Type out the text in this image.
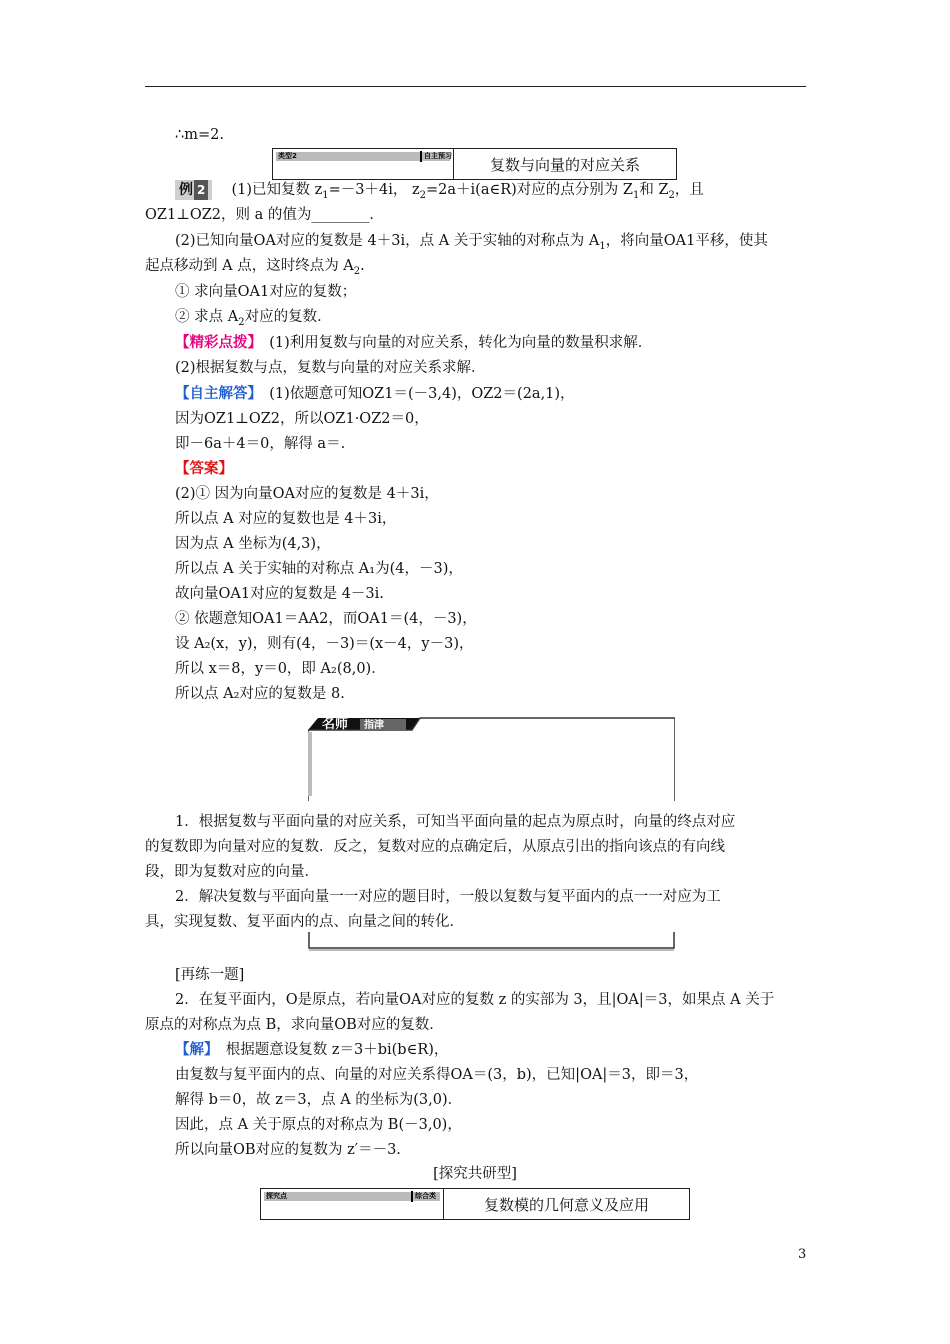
∴m=2.
类型2	自主预习	复数与向量的对应关系
例 2 　 (1)已知复数 $z_1=-3+4i$， $z_2=2a+i(a\in R)$对应的点分别为 $Z_1$和 $Z_2$，且
OZ1⊥OZ2，则 a 的值为________．
(2)已知向量OA对应的复数是 4＋3i，点 A 关于实轴的对称点为 $A_1$，将向量OA1平移，使其
起点移动到 A 点，这时终点为 $A_2$.
① 求向量OA1对应的复数；
② 求点 $A_2$对应的复数．
【精彩点拨】　(1)利用复数与向量的对应关系，转化为向量的数量积求解．
(2)根据复数与点，复数与向量的对应关系求解．
【自主解答】　(1)依题意可知OZ1＝(－3,4)，OZ2＝(2a,1)，
因为OZ1⊥OZ2，所以OZ1·OZ2＝0，
即－6a＋4＝0，解得 a＝.
【答案】
(2)① 因为向量OA对应的复数是 4＋3i，
所以点 A 对应的复数也是 4＋3i，
因为点 A 坐标为(4,3)，
所以点 A 关于实轴的对称点 A₁为(4，－3)，
故向量OA1对应的复数是 4－3i.
② 依题意知OA1＝AA2，而OA1＝(4，－3)，
设 A₂(x，y)，则有(4，－3)＝(x－4，y－3)，
所以 x＝8，y＝0，即 A₂(8,0)．
所以点 A₂对应的复数是 8.
名师 指津
1．根据复数与平面向量的对应关系，可知当平面向量的起点为原点时，向量的终点对应
的复数即为向量对应的复数．反之，复数对应的点确定后，从原点引出的指向该点的有向线
段，即为复数对应的向量．
2．解决复数与平面向量一一对应的题目时，一般以复数与复平面内的点一一对应为工
具，实现复数、复平面内的点、向量之间的转化．
[再练一题]
2．在复平面内，O是原点，若向量OA对应的复数 z 的实部为 3，且|OA|＝3，如果点 A 关于
原点的对称点为点 B，求向量OB对应的复数．
【解】　根据题意设复数 z＝3＋bi(b∈R)，
由复数与复平面内的点、向量的对应关系得OA＝(3，b)，已知|OA|＝3，即＝3，
解得 b＝0，故 z＝3，点 A 的坐标为(3,0)．
因此，点 A 关于原点的对称点为 B(－3,0)，
所以向量OB对应的复数为 z′＝－3.
[探究共研型]
探究点	综合类	复数模的几何意义及应用
3
